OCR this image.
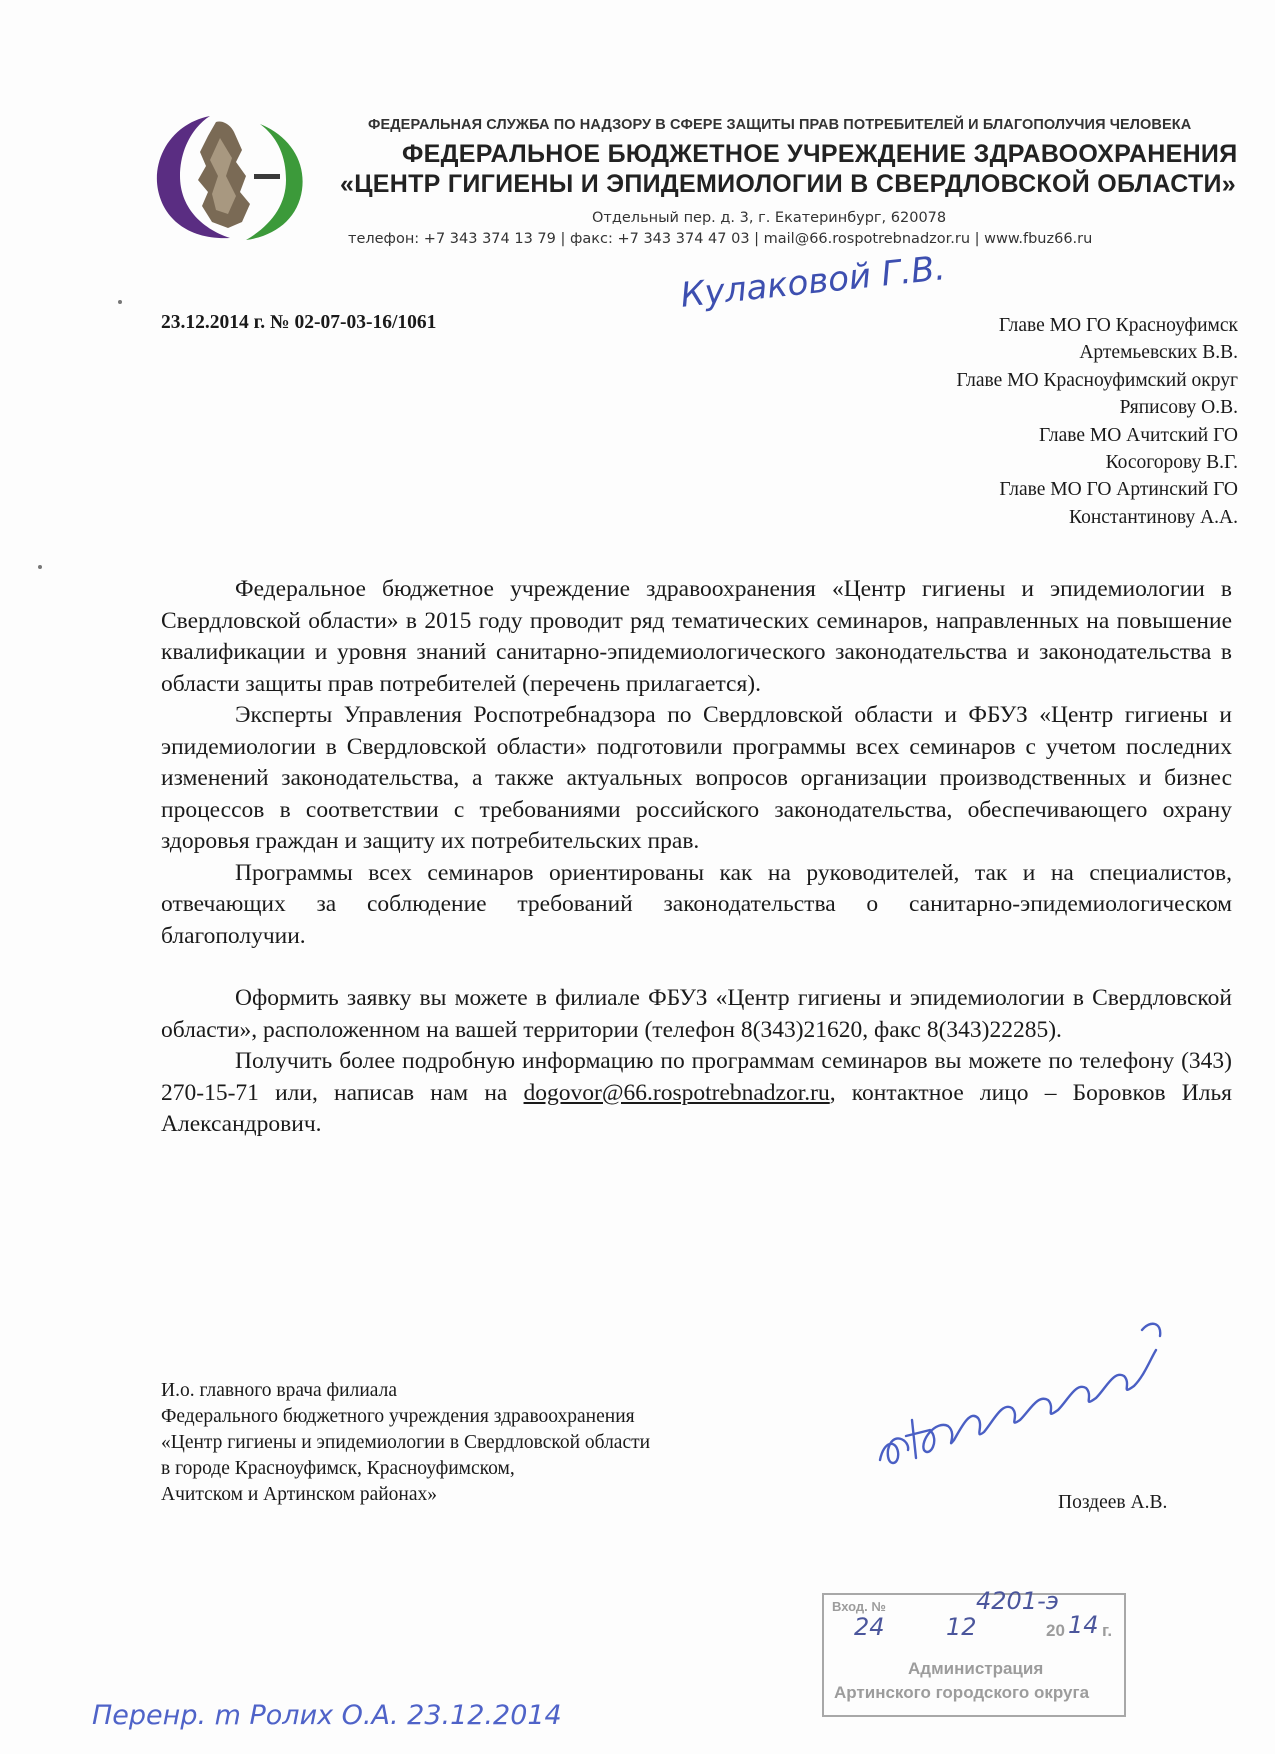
ФЕДЕРАЛЬНАЯ СЛУЖБА ПО НАДЗОРУ В СФЕРЕ ЗАЩИТЫ ПРАВ ПОТРЕБИТЕЛЕЙ И БЛАГОПОЛУЧИЯ ЧЕЛОВЕКА
ФЕДЕРАЛЬНОЕ БЮДЖЕТНОЕ УЧРЕЖДЕНИЕ ЗДРАВООХРАНЕНИЯ
«ЦЕНТР ГИГИЕНЫ И ЭПИДЕМИОЛОГИИ В СВЕРДЛОВСКОЙ ОБЛАСТИ»
Отдельный пер. д. 3, г. Екатеринбург, 620078
телефон: +7 343 374 13 79 | факс: +7 343 374 47 03 | mail@66.rospotrebnadzor.ru | www.fbuz66.ru
Кулаковой Г.В.
23.12.2014 г. № 02-07-03-16/1061	Главе МО ГО Красноуфимск
Артемьевских В.В.
Главе МО Красноуфимский округ
Ряписову О.В.
Главе МО Ачитский ГО
Косогорову В.Г.
Главе МО ГО Артинский ГО
Константинову А.А.

Федеральное бюджетное учреждение здравоохранения «Центр гигиены и эпидемиологии в Свердловской области» в 2015 году проводит ряд тематических семинаров, направленных на повышение квалификации и уровня знаний санитарно-эпидемиологического законодательства и законодательства в области защиты прав потребителей (перечень прилагается).

Эксперты Управления Роспотребнадзора по Свердловской области и ФБУЗ «Центр гигиены и эпидемиологии в Свердловской области» подготовили программы всех семинаров с учетом последних изменений законодательства, а также актуальных вопросов организации производственных и бизнес процессов в соответствии с требованиями российского законодательства, обеспечивающего охрану здоровья граждан и защиту их потребительских прав.

Программы всех семинаров ориентированы как на руководителей, так и на специалистов, отвечающих за соблюдение требований законодательства о санитарно-эпидемиологическом благополучии.

Оформить заявку вы можете в филиале ФБУЗ «Центр гигиены и эпидемиологии в Свердловской области», расположенном на вашей территории (телефон 8(343)21620, факс 8(343)22285).

Получить более подробную информацию по программам семинаров вы можете по телефону (343) 270-15-71 или, написав нам на dogovor@66.rospotrebnadzor.ru, контактное лицо – Боровков Илья Александрович.

И.о. главного врача филиала
Федерального бюджетного учреждения здравоохранения
«Центр гигиены и эпидемиологии в Свердловской области
в городе Красноуфимск, Красноуфимском,
Ачитском и Артинском районах»	Поздеев А.В.
Вход. №	4201-э
24	12	20 14 г.
Администрация
Артинского городского округа
Перенр. m Ролих О.А. 23.12.2014
